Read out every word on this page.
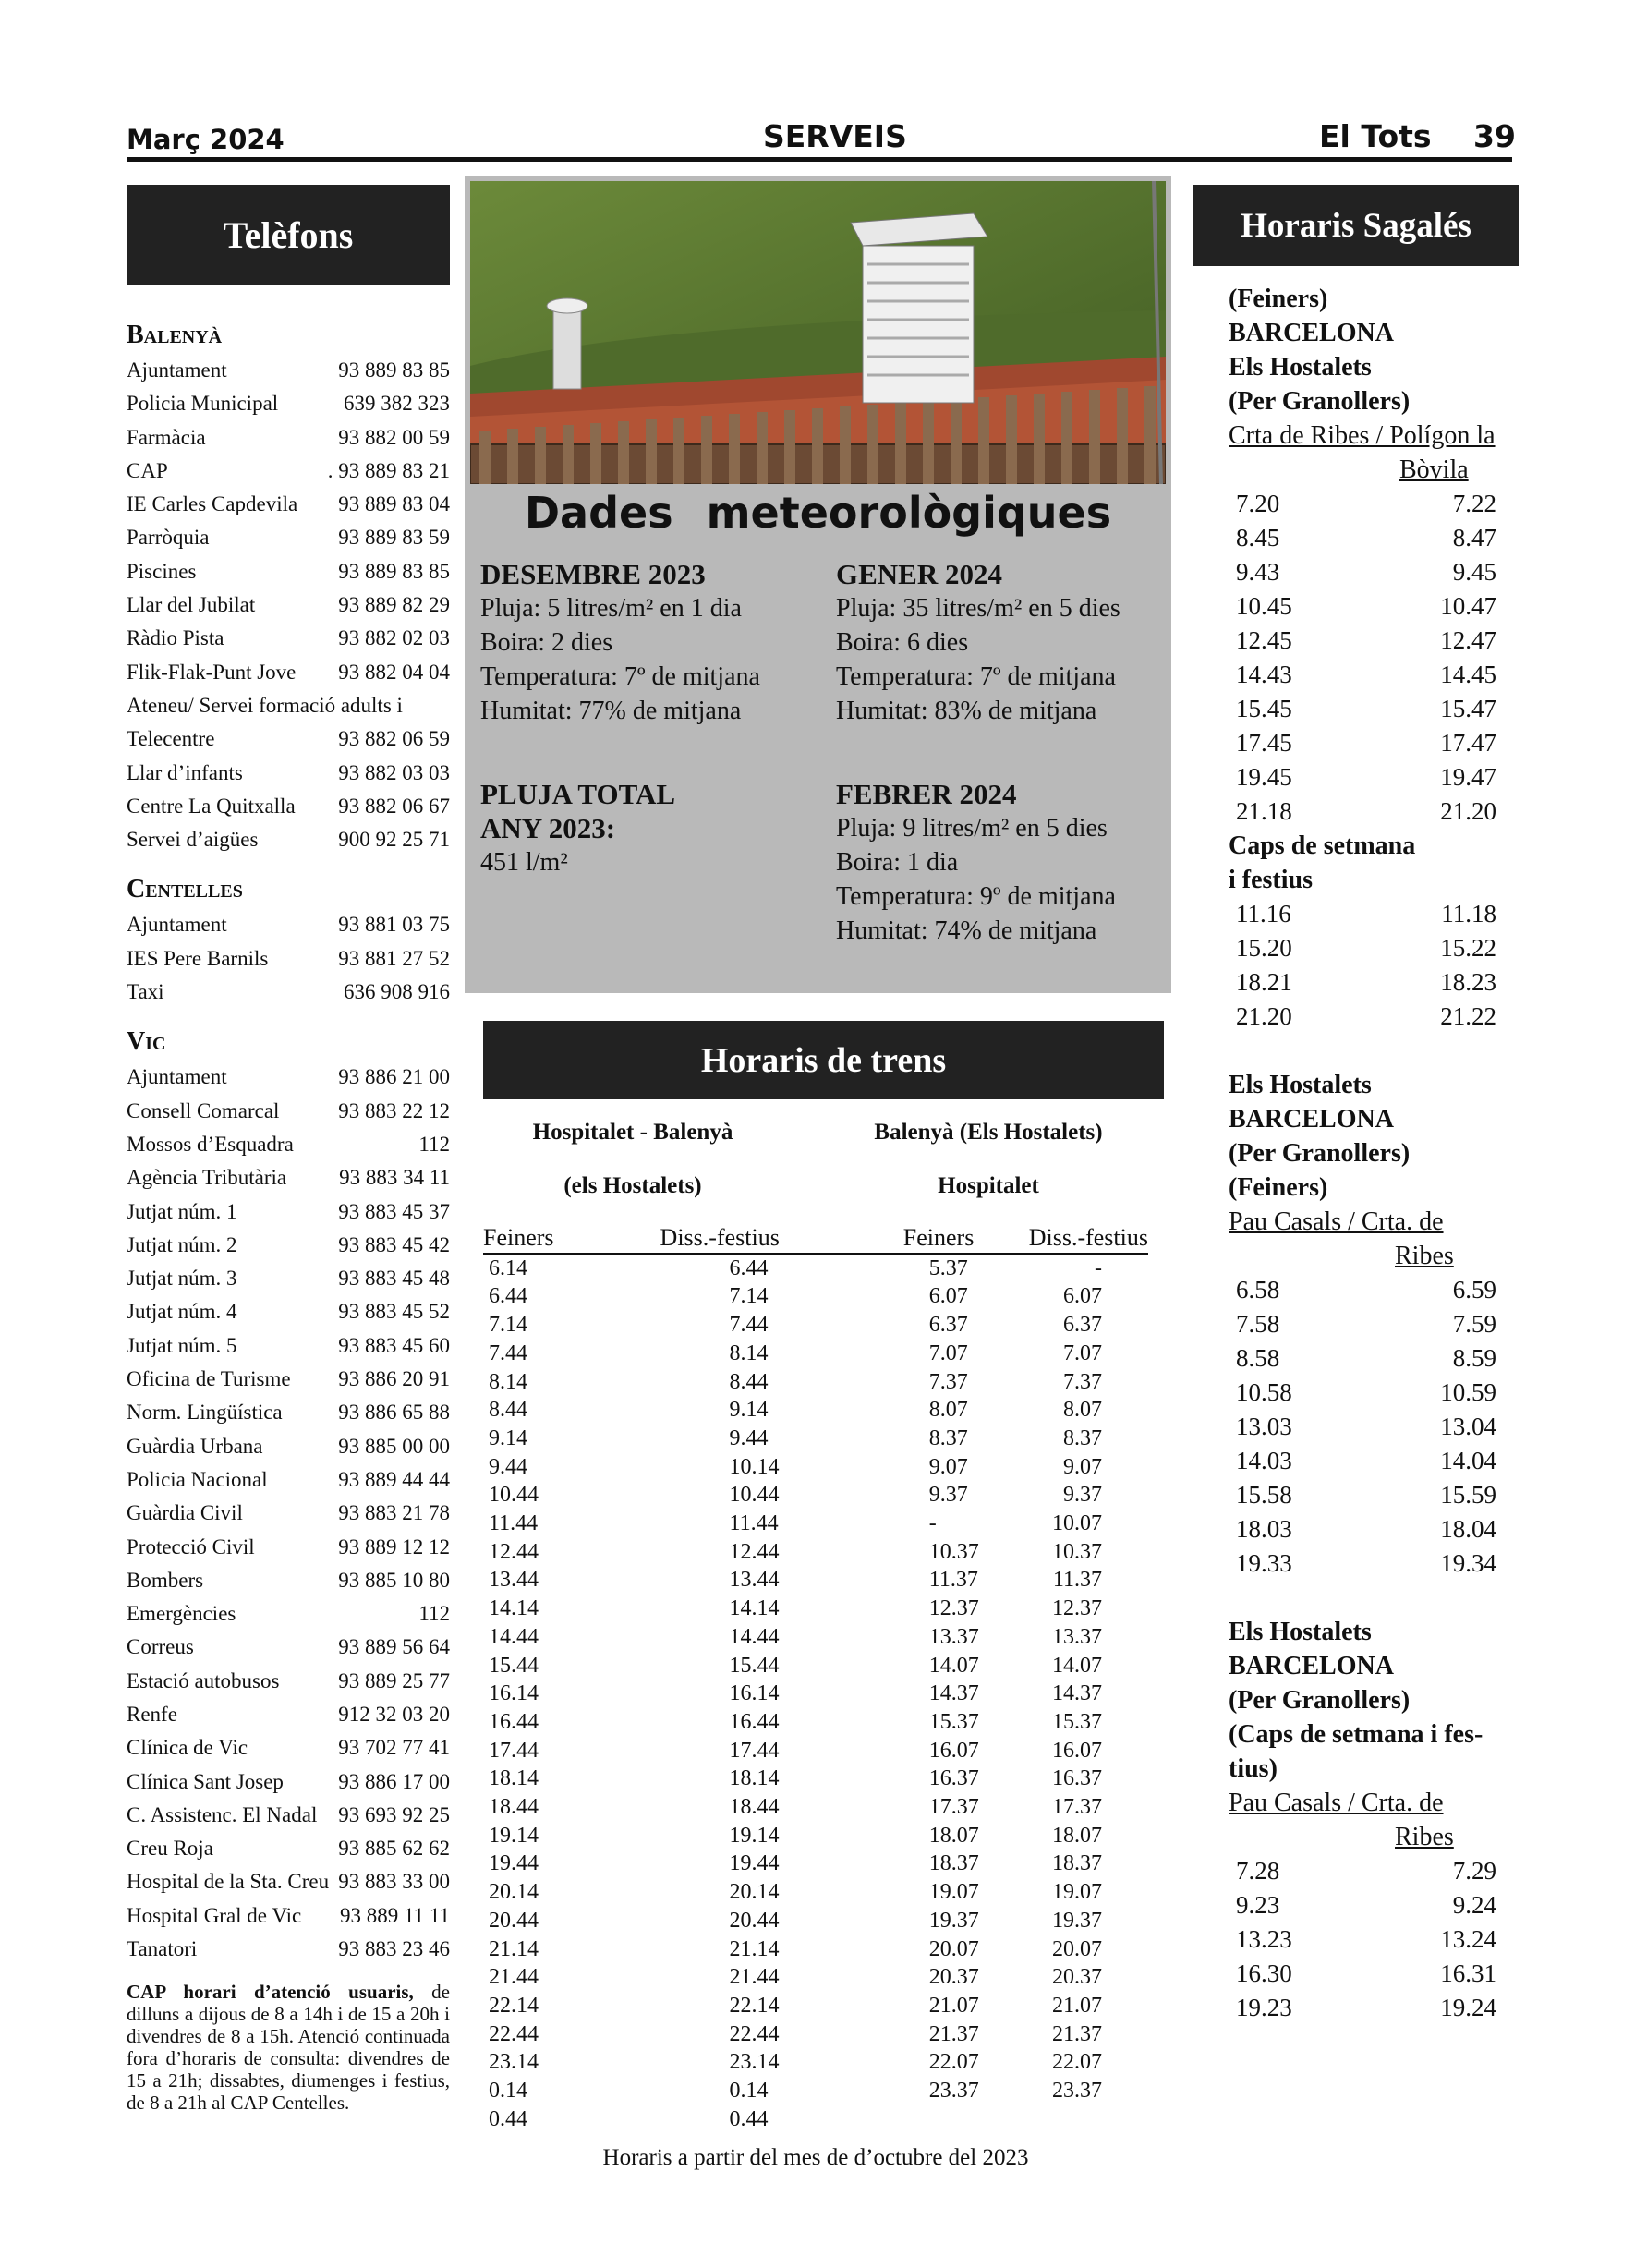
Març 2024	SERVEIS	El Tots 39
Telèfons
Balenyà
Ajuntament	93 889 83 85
Policia Municipal	639 382 323
Farmàcia	93 882 00 59
CAP	. 93 889 83 21
IE Carles Capdevila 93 889 83 04
Parròquia	93 889 83 59
Piscines	93 889 83 85
Llar del Jubilat	93 889 82 29
Ràdio Pista	93 882 02 03
Flik-Flak-Punt Jove 93 882 04 04
Ateneu/ Servei formació adults i
Telecentre	93 882 06 59
Llar d’infants	93 882 03 03
Centre La Quitxalla 93 882 06 67
Servei d’aigües	900 92 25 71
Centelles
Ajuntament	93 881 03 75
IES Pere Barnils	93 881 27 52
Taxi	636 908 916
Vic
Ajuntament	93 886 21 00
Consell Comarcal	93 883 22 12
Mossos d’Esquadra	112
Agència Tributària 93 883 34 11
Jutjat núm. 1	93 883 45 37
Jutjat núm. 2	93 883 45 42
Jutjat núm. 3	93 883 45 48
Jutjat núm. 4	93 883 45 52
Jutjat núm. 5	93 883 45 60
Oficina de Turisme 93 886 20 91
Norm. Lingüística	93 886 65 88
Guàrdia Urbana	93 885 00 00
Policia Nacional	93 889 44 44
Guàrdia Civil	93 883 21 78
Protecció Civil	93 889 12 12
Bombers	93 885 10 80
Emergències	112
Correus	93 889 56 64
Estació autobusos	93 889 25 77
Renfe	912 32 03 20
Clínica de Vic	93 702 77 41
Clínica Sant Josep	93 886 17 00
C. Assistenc. El Nadal 93 693 92 25
Creu Roja	93 885 62 62
Hospital de la Sta. Creu 93 883 33 00
Hospital Gral de Vic 93 889 11 11
Tanatori	93 883 23 46
CAP horari d’atenció usuaris, de dilluns a dijous de 8 a 14h i de 15 a 20h i divendres de 8 a 15h. Atenció continuada fora d’horaris de consulta: divendres de 15 a 21h; dissabtes, diumenges i festius, de 8 a 21h al CAP Centelles.
Dades meteorològiques
DESEMBRE 2023
Pluja: 5 litres/m² en 1 dia
Boira: 2 dies
Temperatura: 7º de mitjana
Humitat: 77% de mitjana
GENER 2024
Pluja: 35 litres/m² en 5 dies
Boira: 6 dies
Temperatura: 7º de mitjana
Humitat: 83% de mitjana
PLUJA TOTAL
ANY 2023:
451 l/m²
FEBRER 2024
Pluja: 9 litres/m² en 5 dies
Boira: 1 dia
Temperatura: 9º de mitjana
Humitat: 74% de mitjana
Horaris de trens
Hospitalet - Balenyà
(els Hostalets)
Balenyà (Els Hostalets)
Hospitalet
Feiners	Diss.-festius	Feiners	Diss.-festius
6.14	6.44	5.37	-
6.44	7.14	6.07	6.07
7.14	7.44	6.37	6.37
7.44	8.14	7.07	7.07
8.14	8.44	7.37	7.37
8.44	9.14	8.07	8.07
9.14	9.44	8.37	8.37
9.44	10.14	9.07	9.07
10.44	10.44	9.37	9.37
11.44	11.44	-	10.07
12.44	12.44	10.37	10.37
13.44	13.44	11.37	11.37
14.14	14.14	12.37	12.37
14.44	14.44	13.37	13.37
15.44	15.44	14.07	14.07
16.14	16.14	14.37	14.37
16.44	16.44	15.37	15.37
17.44	17.44	16.07	16.07
18.14	18.14	16.37	16.37
18.44	18.44	17.37	17.37
19.14	19.14	18.07	18.07
19.44	19.44	18.37	18.37
20.14	20.14	19.07	19.07
20.44	20.44	19.37	19.37
21.14	21.14	20.07	20.07
21.44	21.44	20.37	20.37
22.14	22.14	21.07	21.07
22.44	22.44	21.37	21.37
23.14	23.14	22.07	22.07
0.14	0.14	23.37	23.37
0.44	0.44		
Horaris a partir del mes de d’octubre del 2023
Horaris Sagalés
(Feiners)
BARCELONA
Els Hostalets
(Per Granollers)
Crta de Ribes / Polígon la
Bòvila
7.20	7.22
8.45	8.47
9.43	9.45
10.45	10.47
12.45	12.47
14.43	14.45
15.45	15.47
17.45	17.47
19.45	19.47
21.18	21.20
Caps de setmana
i festius
11.16	11.18
15.20	15.22
18.21	18.23
21.20	21.22
Els Hostalets
BARCELONA
(Per Granollers)
(Feiners)
Pau Casals / Crta. de
Ribes
6.58	6.59
7.58	7.59
8.58	8.59
10.58	10.59
13.03	13.04
14.03	14.04
15.58	15.59
18.03	18.04
19.33	19.34
Els Hostalets
BARCELONA
(Per Granollers)
(Caps de setmana i fes-
tius)
Pau Casals / Crta. de
Ribes
7.28	7.29
9.23	9.24
13.23	13.24
16.30	16.31
19.23	19.24
